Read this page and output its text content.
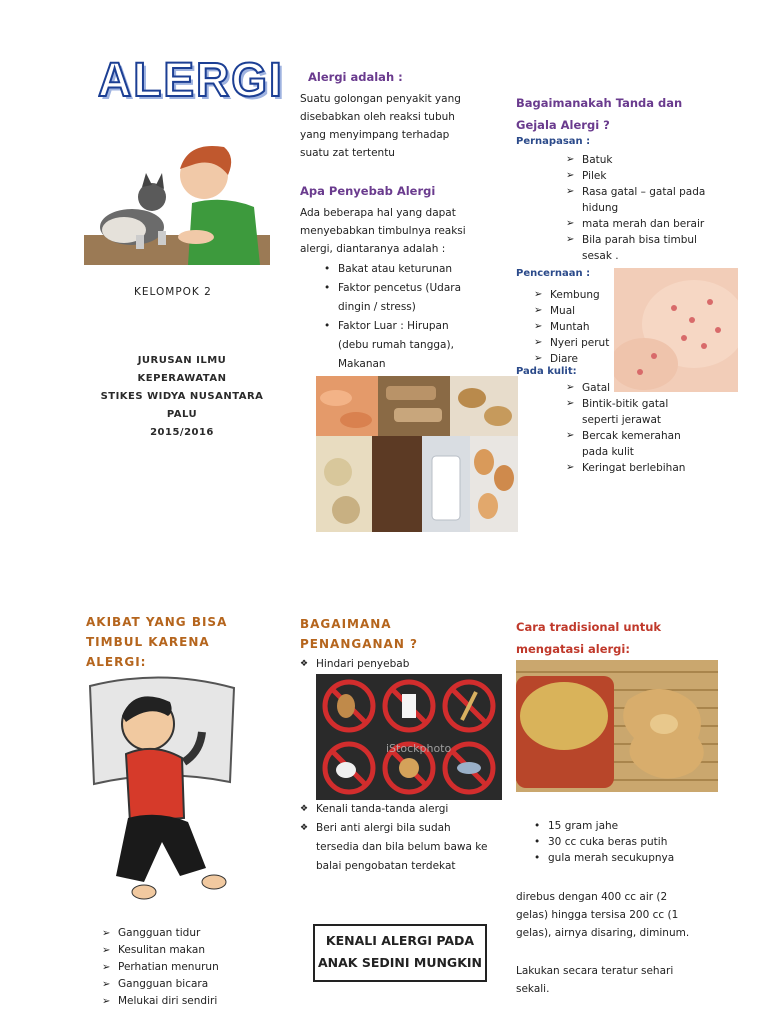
ALERGI
KELOMPOK 2
JURUSAN ILMU
KEPERAWATAN
STIKES WIDYA NUSANTARA
PALU
2015/2016
Alergi adalah :
Suatu golongan penyakit yang disebabkan oleh reaksi tubuh yang menyimpang terhadap suatu zat tertentu
Apa Penyebab Alergi
Ada beberapa hal yang dapat menyebabkan timbulnya reaksi alergi, diantaranya adalah :
• Bakat atau keturunan
• Faktor pencetus (Udara dingin / stress)
• Faktor Luar : Hirupan (debu rumah tangga), Makanan
Bagaimanakah Tanda dan Gejala Alergi ?
Pernapasan :
➢ Batuk
➢ Pilek
➢ Rasa gatal – gatal pada hidung
➢ mata merah dan berair
➢ Bila parah bisa timbul sesak .
Pencernaan :
➢ Kembung
➢ Mual
➢ Muntah
➢ Nyeri perut
➢ Diare
Pada kulit:
➢ Gatal
➢ Bintik-bitik gatal seperti jerawat
➢ Bercak kemerahan pada kulit
➢ Keringat berlebihan
AKIBAT YANG BISA TIMBUL KARENA ALERGI:
➢ Gangguan tidur
➢ Kesulitan makan
➢ Perhatian menurun
➢ Gangguan bicara
➢ Melukai diri sendiri
BAGAIMANA PENANGANAN ?
❖ Hindari penyebab
iStockphoto
❖ Kenali tanda-tanda alergi
❖ Beri anti alergi bila sudah tersedia dan bila belum bawa ke balai pengobatan terdekat
KENALI ALERGI PADA ANAK SEDINI MUNGKIN
Cara tradisional untuk mengatasi alergi:
• 15 gram jahe
• 30 cc cuka beras putih
• gula merah secukupnya
direbus dengan 400 cc air (2 gelas) hingga tersisa 200 cc (1 gelas), airnya disaring, diminum.
Lakukan secara teratur sehari sekali.
